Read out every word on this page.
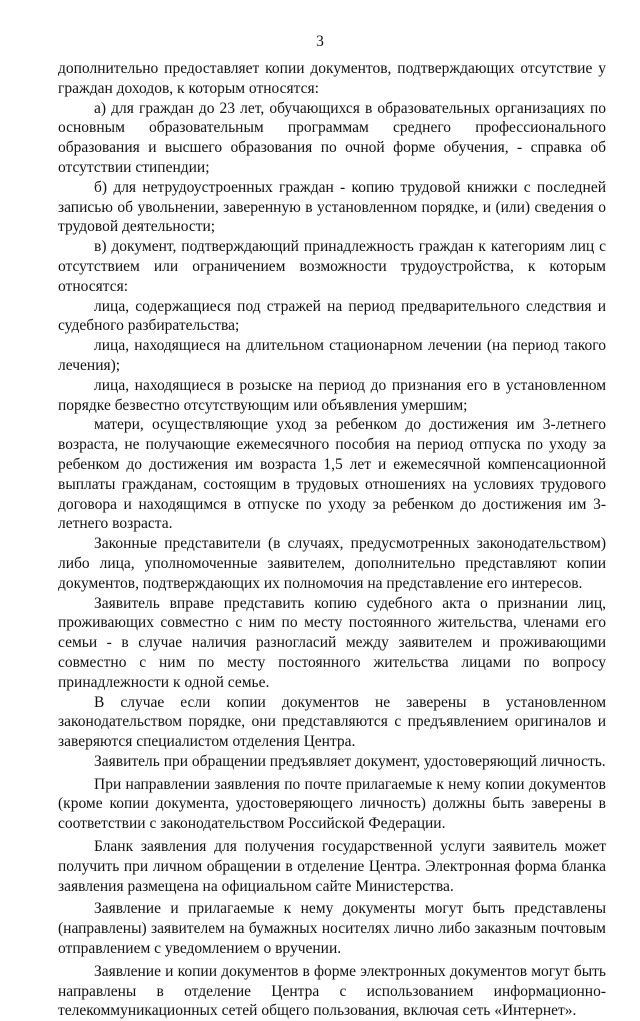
3

дополнительно предоставляет копии документов, подтверждающих отсутствие у граждан доходов, к которым относятся:

а) для граждан до 23 лет, обучающихся в образовательных организациях по основным образовательным программам среднего профессионального образования и высшего образования по очной форме обучения, - справка об отсутствии стипендии;

б) для нетрудоустроенных граждан - копию трудовой книжки с последней записью об увольнении, заверенную в установленном порядке, и (или) сведения о трудовой деятельности;

в) документ, подтверждающий принадлежность граждан к категориям лиц с отсутствием или ограничением возможности трудоустройства, к которым относятся:

лица, содержащиеся под стражей на период предварительного следствия и судебного разбирательства;

лица, находящиеся на длительном стационарном лечении (на период такого лечения);

лица, находящиеся в розыске на период до признания его в установленном порядке безвестно отсутствующим или объявления умершим;

матери, осуществляющие уход за ребенком до достижения им 3-летнего возраста, не получающие ежемесячного пособия на период отпуска по уходу за ребенком до достижения им возраста 1,5 лет и ежемесячной компенсационной выплаты гражданам, состоящим в трудовых отношениях на условиях трудового договора и находящимся в отпуске по уходу за ребенком до достижения им 3-летнего возраста.

Законные представители (в случаях, предусмотренных законодательством) либо лица, уполномоченные заявителем, дополнительно представляют копии документов, подтверждающих их полномочия на представление его интересов.

Заявитель вправе представить копию судебного акта о признании лиц, проживающих совместно с ним по месту постоянного жительства, членами его семьи - в случае наличия разногласий между заявителем и проживающими совместно с ним по месту постоянного жительства лицами по вопросу принадлежности к одной семье.

В случае если копии документов не заверены в установленном законодательством порядке, они представляются с предъявлением оригиналов и заверяются специалистом отделения Центра.

Заявитель при обращении предъявляет документ, удостоверяющий личность.

При направлении заявления по почте прилагаемые к нему копии документов (кроме копии документа, удостоверяющего личность) должны быть заверены в соответствии с законодательством Российской Федерации.

Бланк заявления для получения государственной услуги заявитель может получить при личном обращении в отделение Центра. Электронная форма бланка заявления размещена на официальном сайте Министерства.

Заявление и прилагаемые к нему документы могут быть представлены (направлены) заявителем на бумажных носителях лично либо заказным почтовым отправлением с уведомлением о вручении.

Заявление и копии документов в форме электронных документов могут быть направлены в отделение Центра с использованием информационно-телекоммуникационных сетей общего пользования, включая сеть «Интернет».
